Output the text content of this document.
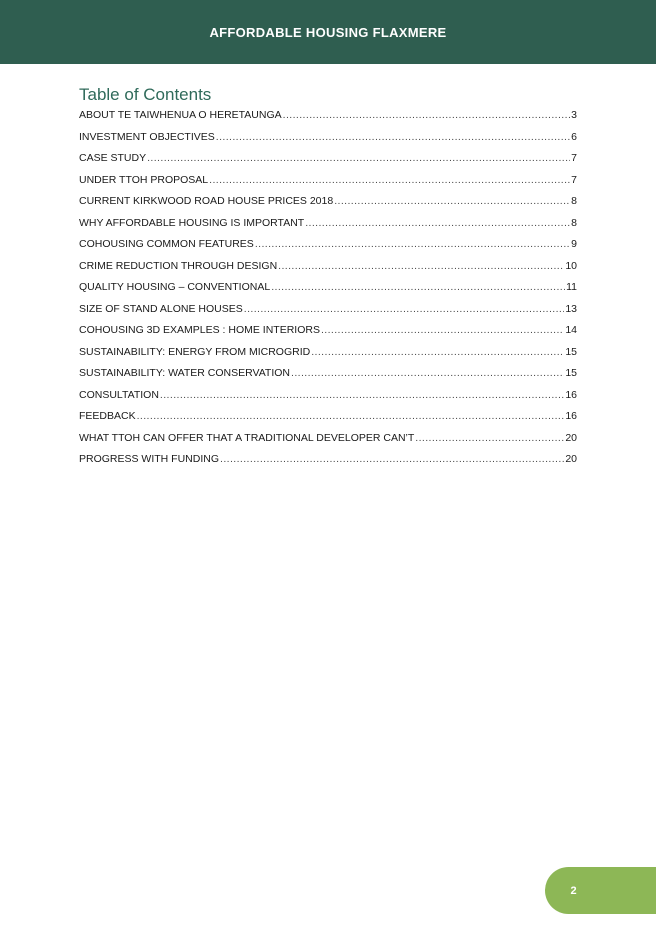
AFFORDABLE HOUSING FLAXMERE
Table of Contents
ABOUT TE TAIWHENUA O HERETAUNGA .....	3
INVESTMENT OBJECTIVES .....	6
CASE STUDY .....	7
UNDER TTOH PROPOSAL .....	7
CURRENT KIRKWOOD ROAD HOUSE PRICES 2018 .....	8
WHY AFFORDABLE HOUSING IS IMPORTANT .....	8
COHOUSING COMMON FEATURES .....	9
CRIME REDUCTION THROUGH DESIGN .....	10
QUALITY HOUSING – CONVENTIONAL .....	11
SIZE OF STAND ALONE HOUSES .....	13
COHOUSING 3D EXAMPLES : HOME INTERIORS .....	14
SUSTAINABILITY: ENERGY FROM MICROGRID .....	15
SUSTAINABILITY: WATER CONSERVATION .....	15
CONSULTATION .....	16
FEEDBACK .....	16
WHAT TTOH CAN OFFER THAT A TRADITIONAL DEVELOPER CAN’T .....	20
PROGRESS WITH FUNDING .....	20
2
